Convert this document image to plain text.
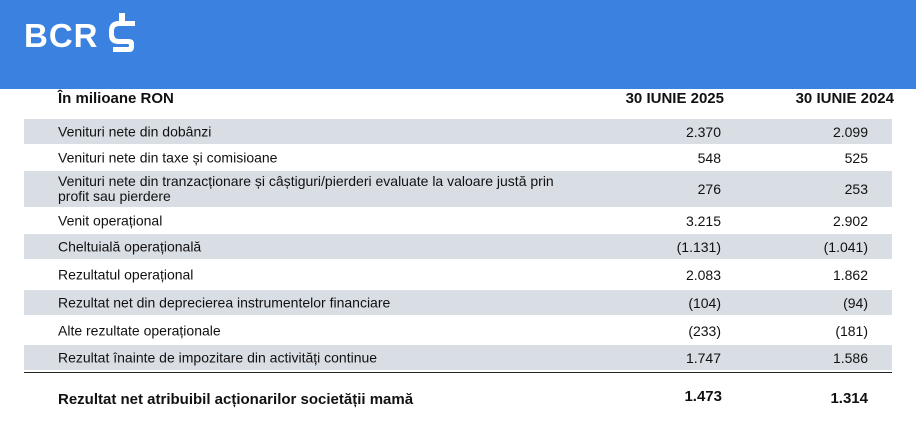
BCR
În milioane RON	30 IUNIE 2025	30 IUNIE 2024
Venituri nete din dobânzi	2.370	2.099
Venituri nete din taxe și comisioane	548	525
Venituri nete din tranzacționare și câștiguri/pierderi evaluate la valoare justă prin profit sau pierdere	276	253
Venit operațional	3.215	2.902
Cheltuială operațională	(1.131)	(1.041)
Rezultatul operațional	2.083	1.862
Rezultat net din deprecierea instrumentelor financiare	(104)	(94)
Alte rezultate operaționale	(233)	(181)
Rezultat înainte de impozitare din activități continue	1.747	1.586
Rezultat net atribuibil acționarilor societății mamă	1.473	1.314
